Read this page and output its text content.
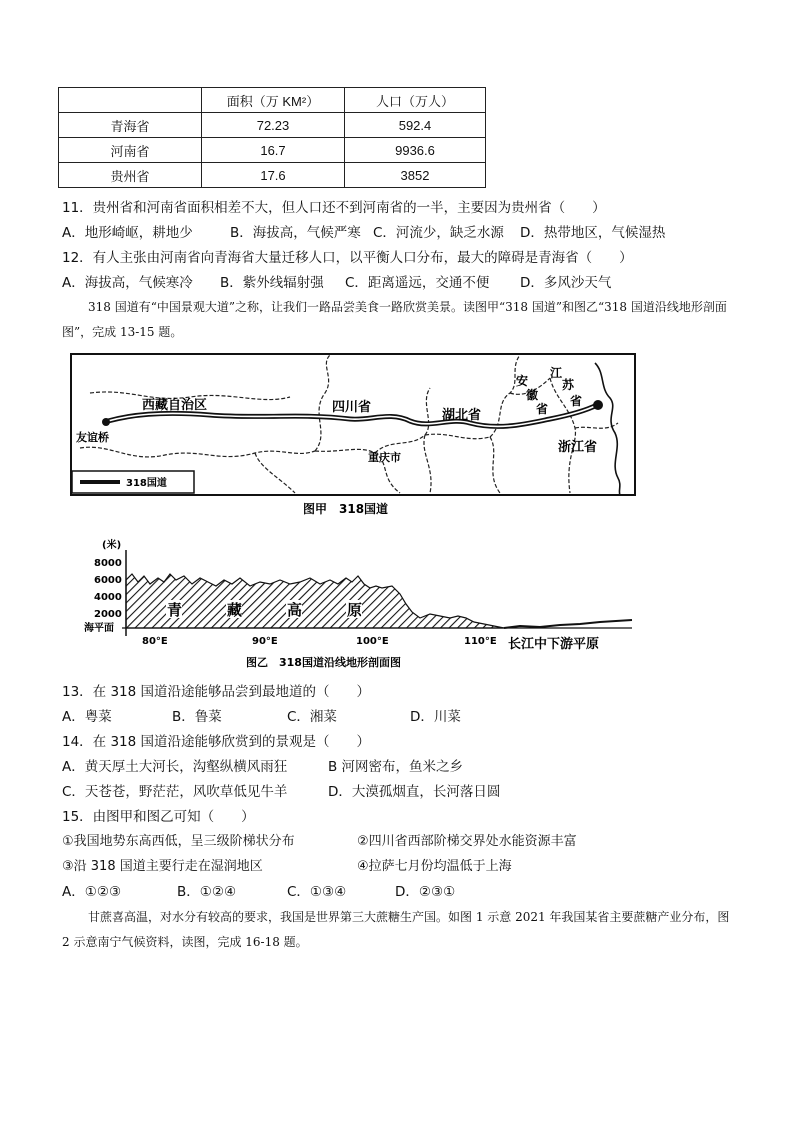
	面积（万 KM²）	人口（万人）
青海省	72.23	592.4
河南省	16.7	9936.6
贵州省	17.6	3852
11．贵州省和河南省面积相差不大，但人口还不到河南省的一半，主要因为贵州省（　　）
A．地形崎岖，耕地少	B．海拔高，气候严寒 C．河流少，缺乏水源 D．热带地区，气候湿热
12．有人主张由河南省向青海省大量迁移人口，以平衡人口分布，最大的障碍是青海省（　　）
A．海拔高，气候寒冷 B．紫外线辐射强 C．距离遥远，交通不便 D．多风沙天气
318 国道有“中国景观大道”之称，让我们一路品尝美食一路欣赏美景。读图甲“318 国道”和图乙“318 国道沿线地形剖面图”，完成 13-15 题。
西藏自治区	四川省
重庆市
湖北省
安
徽
省
江
苏
省
浙江省
友谊桥
318国道
图甲　318国道
(米)
8000
6000
4000
2000
海平面
青	藏	高	原
80°E	90°E	100°E	110°E 长江中下游平原
图乙　318国道沿线地形剖面图
13．在 318 国道沿途能够品尝到最地道的（　　）
A．粤菜	B．鲁菜	C．湘菜	D．川菜
14．在 318 国道沿途能够欣赏到的景观是（　　）
A．黄天厚土大河长，沟壑纵横风雨狂	B 河网密布，鱼米之乡
C．天苍苍，野茫茫，风吹草低见牛羊	D．大漠孤烟直，长河落日圆
15．由图甲和图乙可知（　　）
①我国地势东高西低，呈三级阶梯状分布	②四川省西部阶梯交界处水能资源丰富
③沿 318 国道主要行走在湿润地区	④拉萨七月份均温低于上海
A．①②③	B．①②④	C．①③④	D．②③①
甘蔗喜高温，对水分有较高的要求，我国是世界第三大蔗糖生产国。如图 1 示意 2021 年我国某省主要蔗糖产业分布，图 2 示意南宁气候资料，读图，完成 16-18 题。
